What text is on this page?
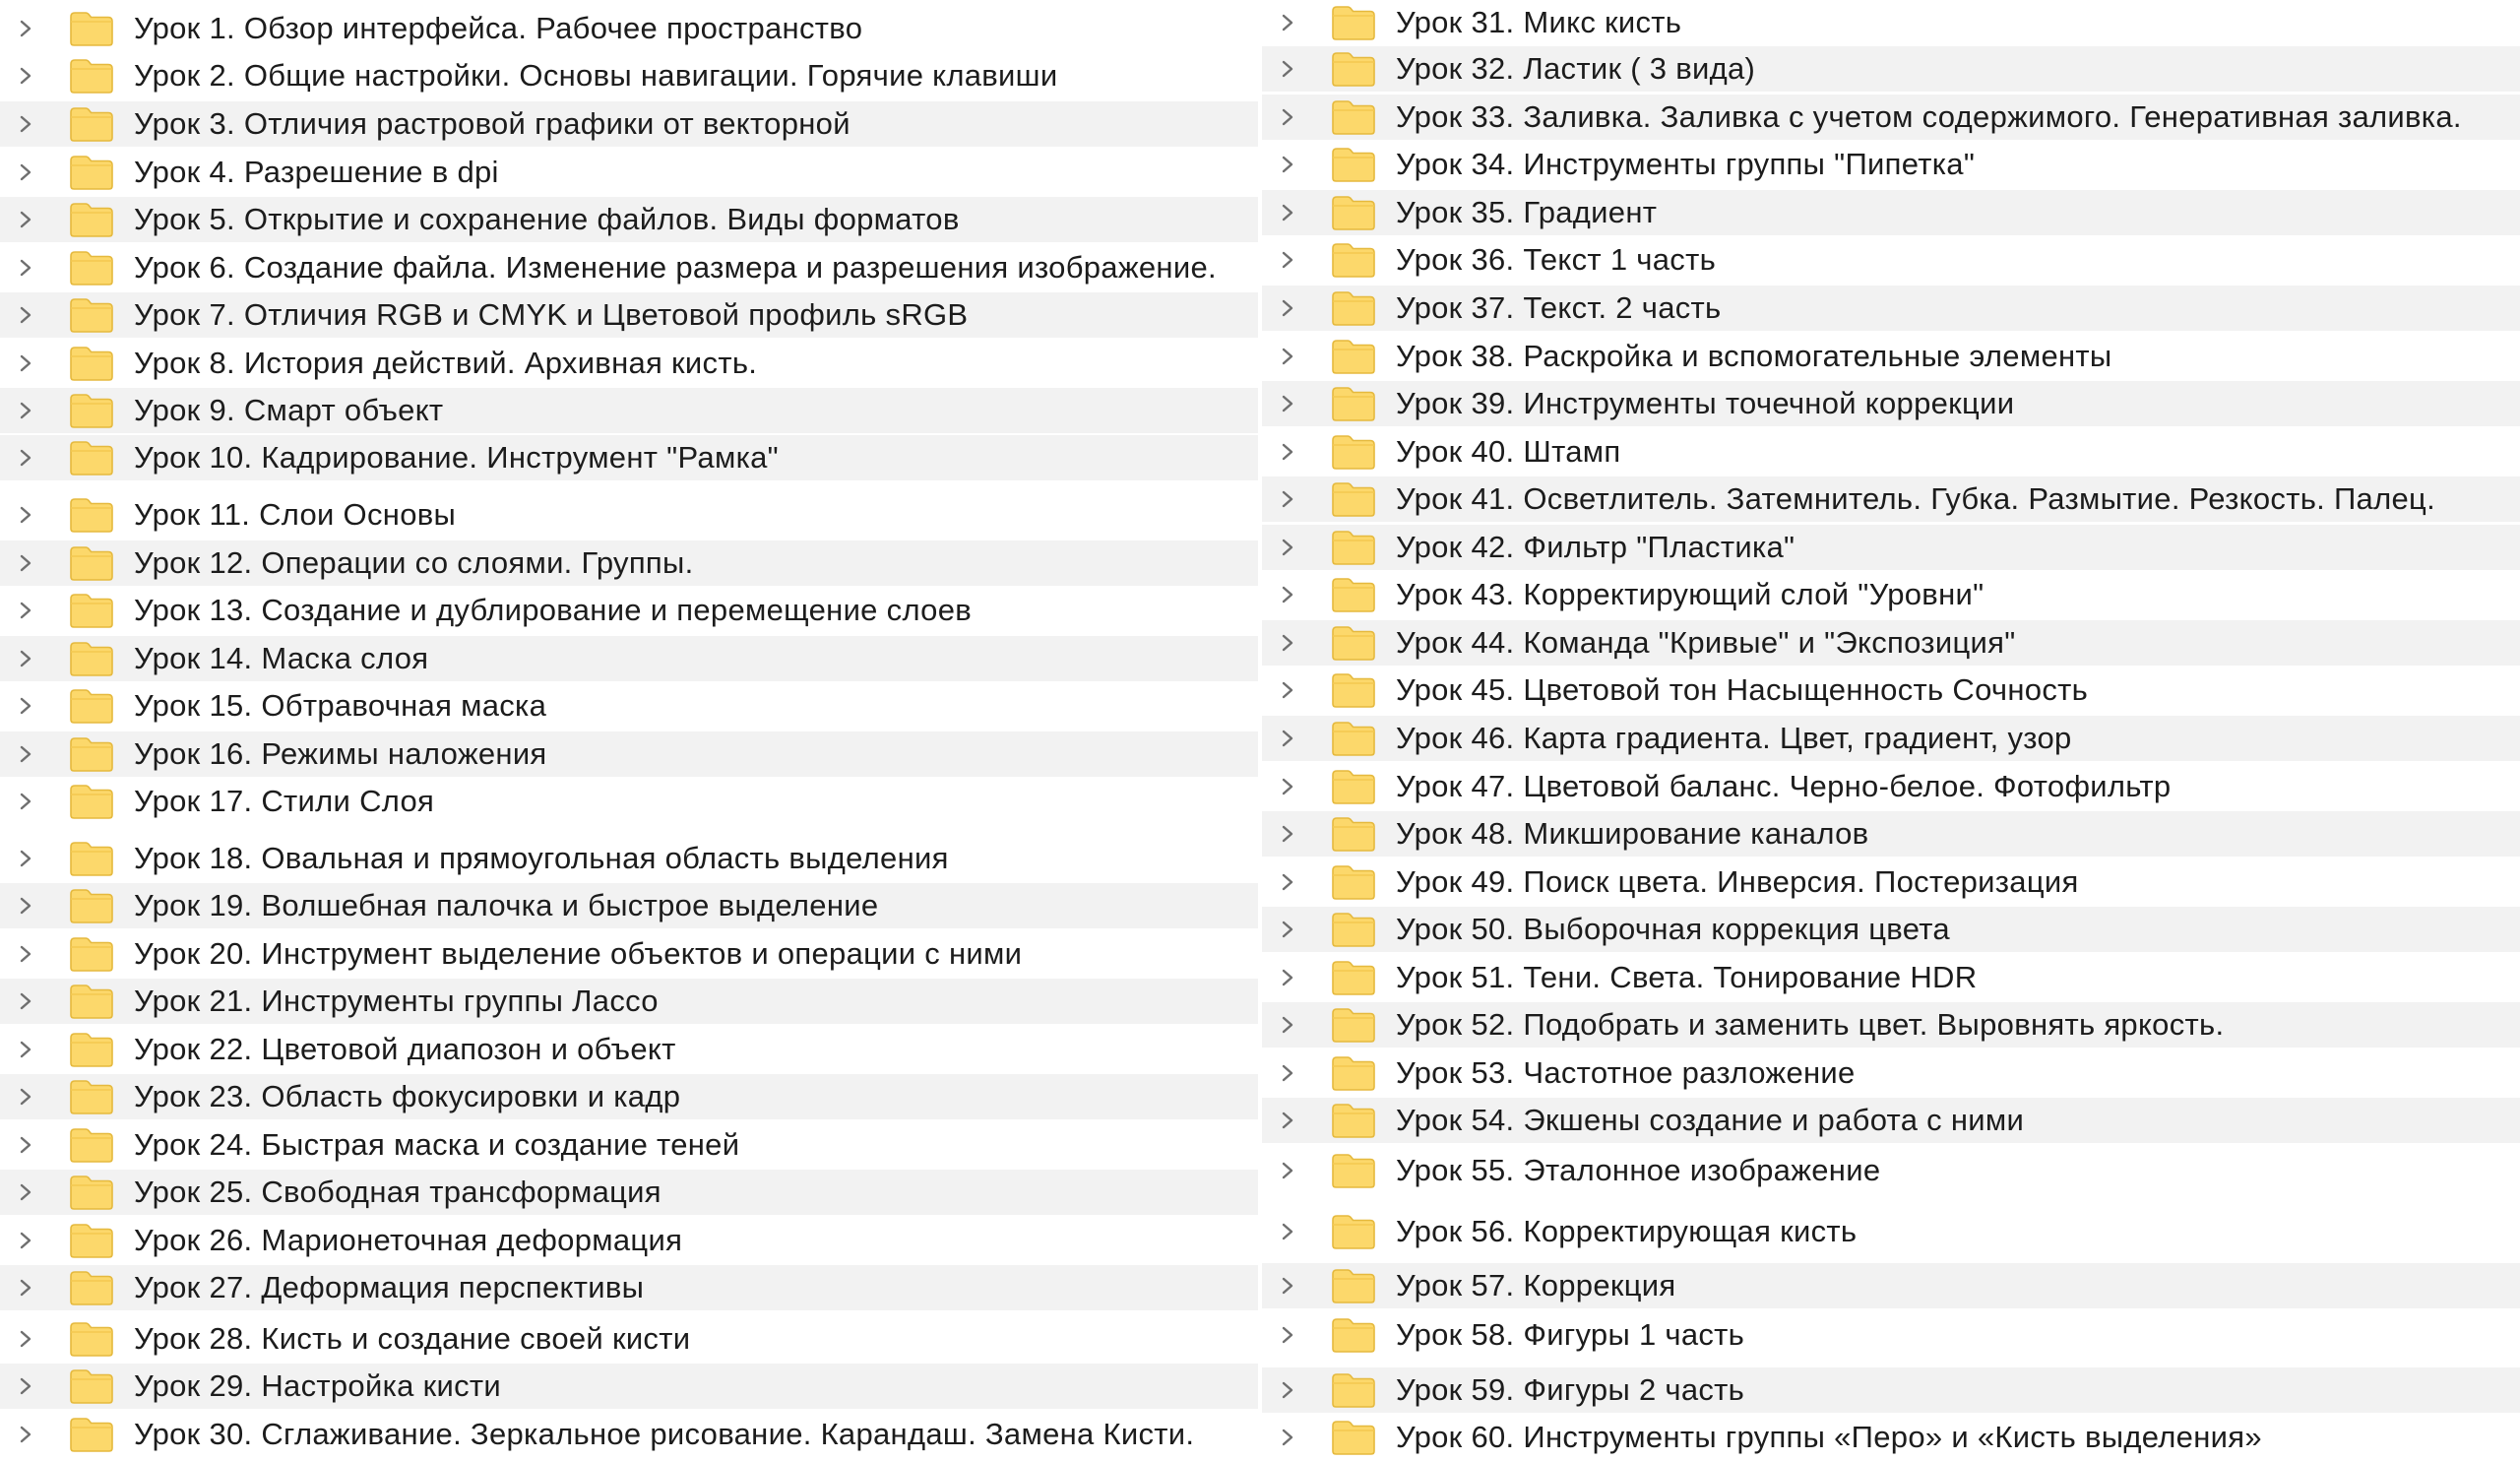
Урок 1. Обзор интерфейса. Рабочее пространство
Урок 2. Общие настройки. Основы навигации. Горячие клавиши
Урок 3. Отличия растровой графики от векторной
Урок 4. Разрешение в dpi
Урок 5. Открытие и сохранение файлов. Виды форматов
Урок 6. Создание файла. Изменение размера и разрешения изображение.
Урок 7. Отличия RGB и CMYK и Цветовой профиль sRGB
Урок 8. История действий. Архивная кисть.
Урок 9. Смарт объект
Урок 10. Кадрирование. Инструмент "Рамка"
Урок 11. Слои Основы
Урок 12. Операции со слоями. Группы.
Урок 13. Создание и дублирование и перемещение слоев
Урок 14. Маска слоя
Урок 15. Обтравочная маска
Урок 16. Режимы наложения
Урок 17. Стили Слоя
Урок 18. Овальная и прямоугольная область выделения
Урок 19. Волшебная палочка и быстрое выделение
Урок 20. Инструмент выделение объектов и операции с ними
Урок 21. Инструменты группы Лассо
Урок 22. Цветовой диапозон и объект
Урок 23. Область фокусировки и кадр
Урок 24. Быстрая маска и создание теней
Урок 25. Свободная трансформация
Урок 26. Марионеточная деформация
Урок 27. Деформация перспективы
Урок 28. Кисть и создание своей кисти
Урок 29. Настройка кисти
Урок 30. Сглаживание. Зеркальное рисование. Карандаш. Замена Кисти.
Урок 31. Микс кисть
Урок 32. Ластик ( 3 вида)
Урок 33. Заливка. Заливка с учетом содержимого. Генеративная заливка.
Урок 34. Инструменты группы "Пипетка"
Урок 35. Градиент
Урок 36. Текст 1 часть
Урок 37. Текст. 2 часть
Урок 38. Раскройка и вспомогательные элементы
Урок 39. Инструменты точечной коррекции
Урок 40. Штамп
Урок 41. Осветлитель. Затемнитель. Губка. Размытие. Резкость. Палец.
Урок 42. Фильтр "Пластика"
Урок 43. Корректирующий слой "Уровни"
Урок 44. Команда "Кривые" и "Экспозиция"
Урок 45. Цветовой тон Насыщенность Сочность
Урок 46. Карта градиента. Цвет, градиент, узор
Урок 47. Цветовой баланс. Черно-белое. Фотофильтр
Урок 48. Микширование каналов
Урок 49. Поиск цвета. Инверсия. Постеризация
Урок 50. Выборочная коррекция цвета
Урок 51. Тени. Света. Тонирование HDR
Урок 52. Подобрать и заменить цвет. Выровнять яркость.
Урок 53. Частотное разложение
Урок 54. Экшены создание и работа с ними
Урок 55. Эталонное изображение
Урок 56. Корректирующая кисть
Урок 57. Коррекция
Урок 58. Фигуры 1 часть
Урок 59. Фигуры 2 часть
Урок 60. Инструменты группы «Перо» и «Кисть выделения»
